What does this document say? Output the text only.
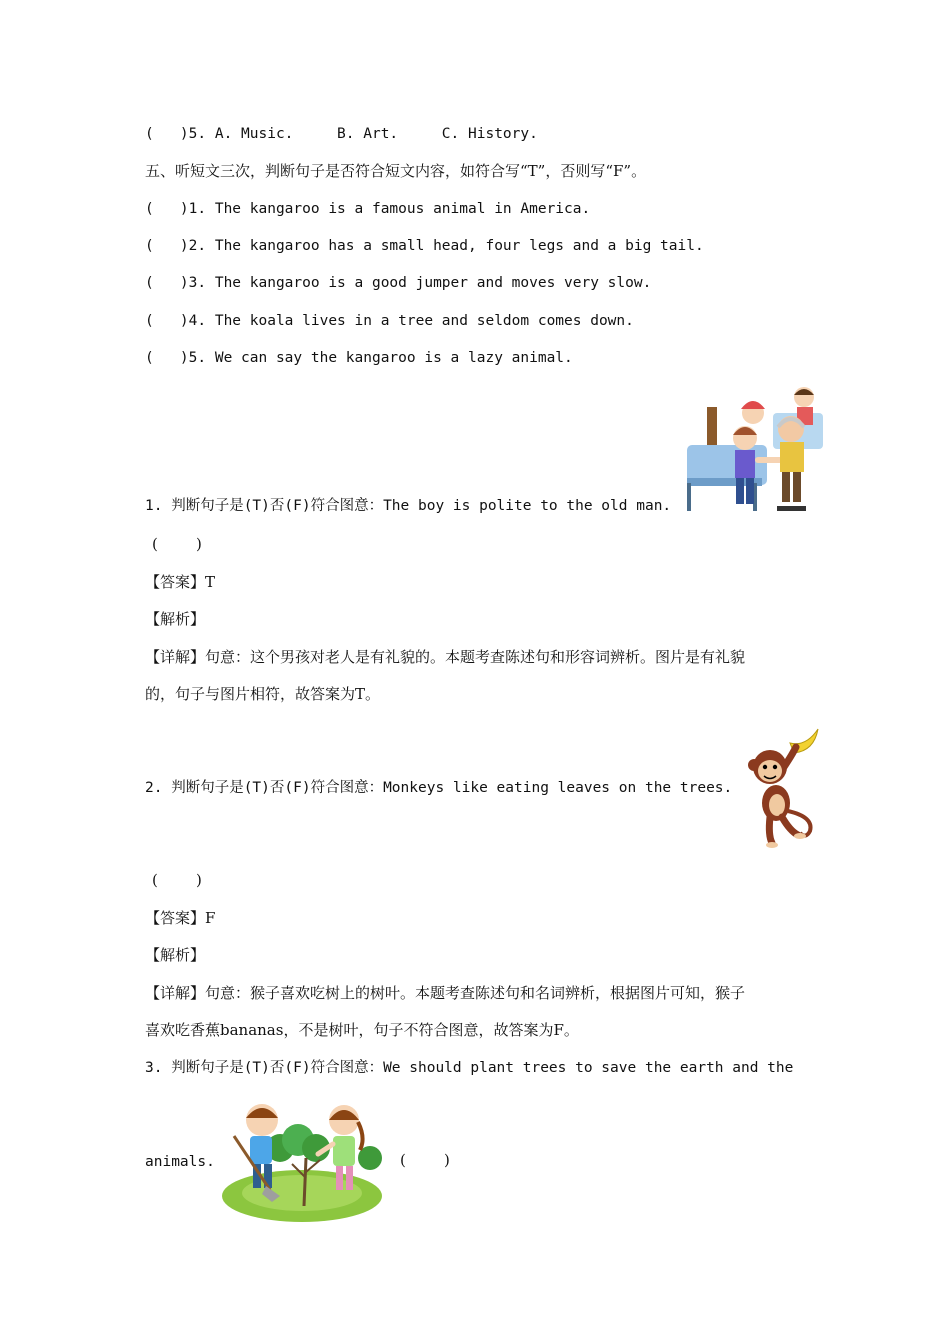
(   )5. A. Music.     B. Art.     C. History.
五、听短文三次，判断句子是否符合短文内容，如符合写“T”，否则写“F”。
(   )1. The kangaroo is a famous animal in America.
(   )2. The kangaroo has a small head, four legs and a big tail.
(   )3. The kangaroo is a good jumper and moves very slow.
(   )4. The koala lives in a tree and seldom comes down.
(   )5. We can say the kangaroo is a lazy animal.
1. 判断句子是(T)否(F)符合图意：The boy is polite to the old man.
(        )
【答案】T
【解析】
【详解】句意：这个男孩对老人是有礼貌的。本题考查陈述句和形容词辨析。图片是有礼貌
的，句子与图片相符，故答案为T。
2. 判断句子是(T)否(F)符合图意：Monkeys like eating leaves on the trees.
(        )
【答案】F
【解析】
【详解】句意：猴子喜欢吃树上的树叶。本题考查陈述句和名词辨析，根据图片可知，猴子
喜欢吃香蕉bananas，不是树叶，句子不符合图意，故答案为F。
3. 判断句子是(T)否(F)符合图意：We should plant trees to save the earth and the
animals.	(        )
